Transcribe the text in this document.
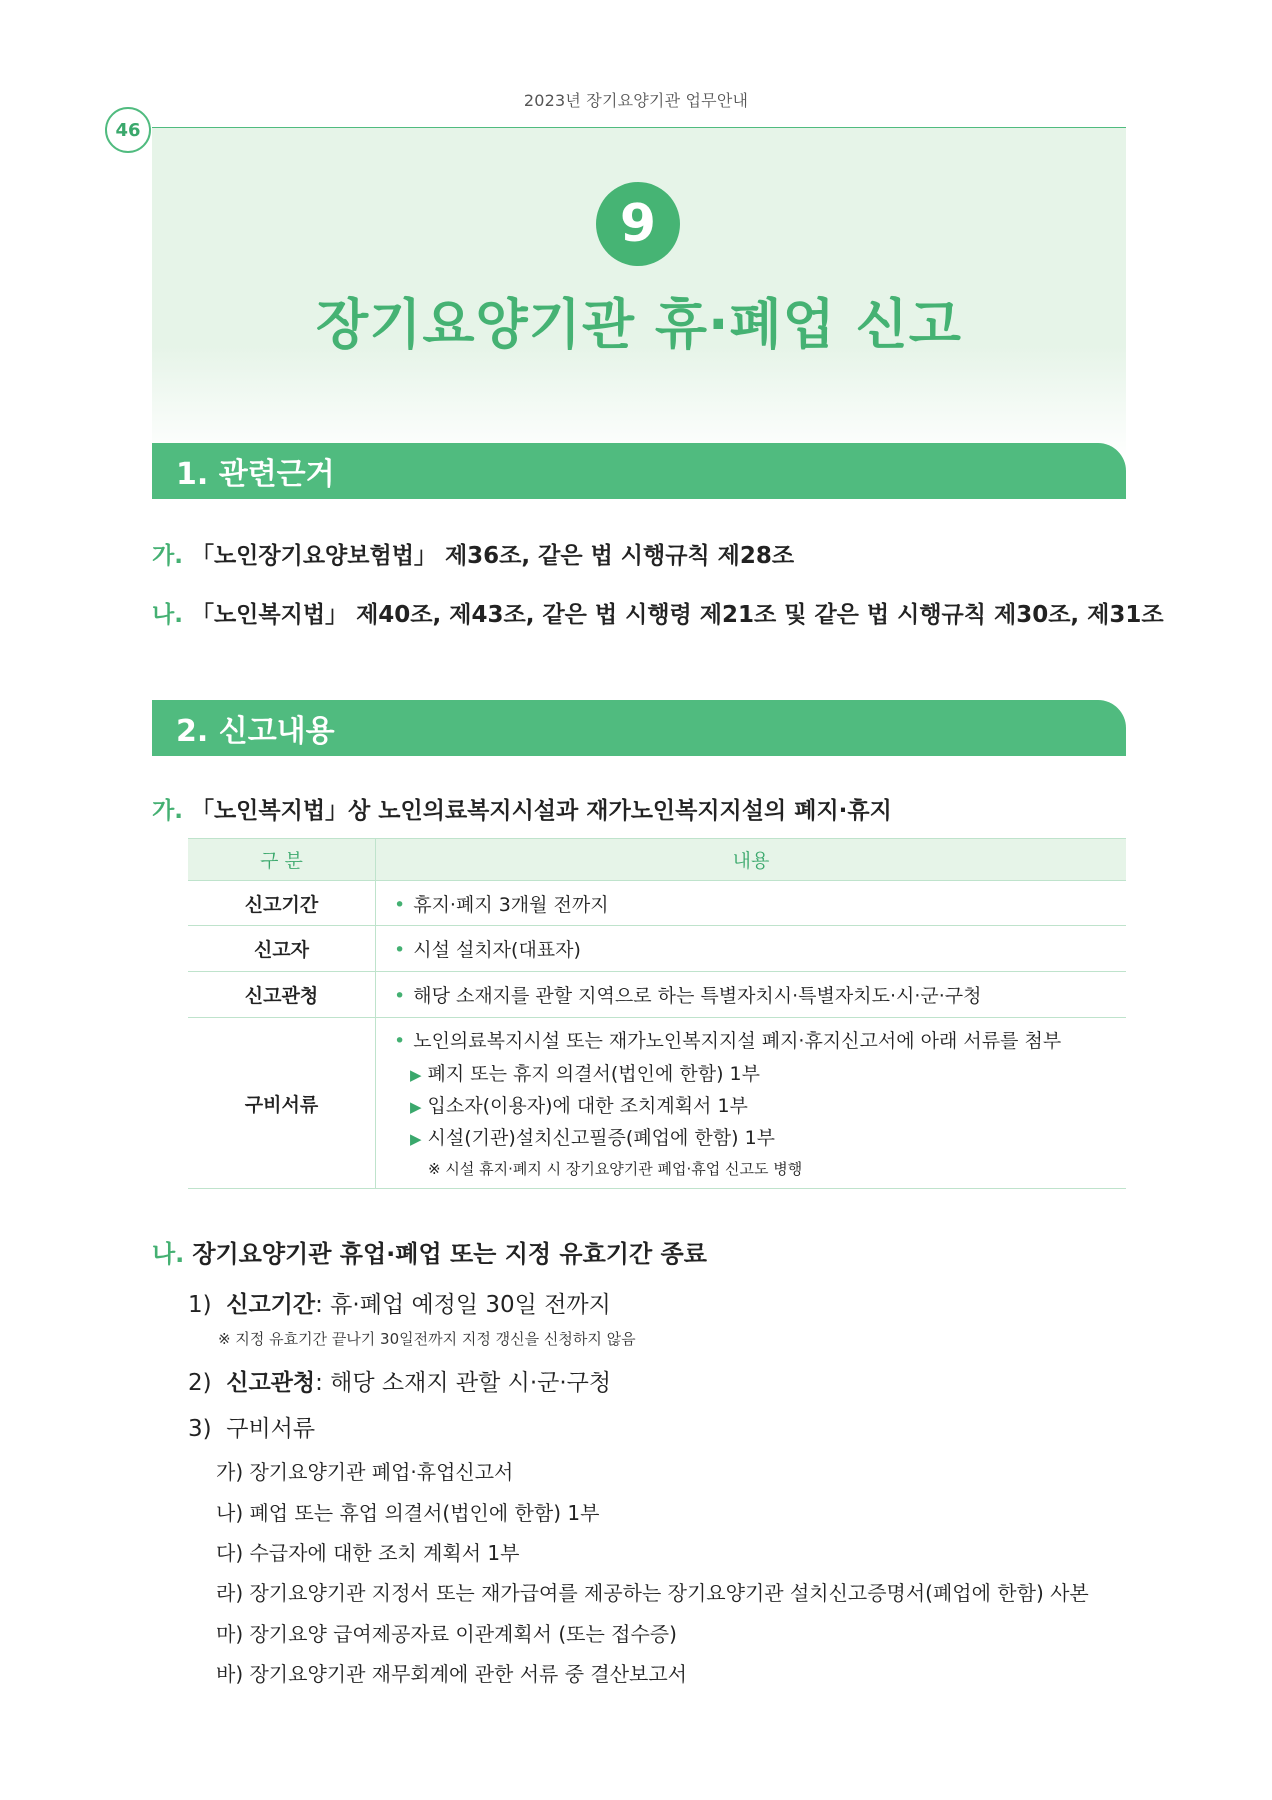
2023년 장기요양기관 업무안내
46
9
장기요양기관 휴·폐업 신고
1. 관련근거
가. 「노인장기요양보험법」 제36조, 같은 법 시행규칙 제28조
나. 「노인복지법」 제40조, 제43조, 같은 법 시행령 제21조 및 같은 법 시행규칙 제30조, 제31조
2. 신고내용
가. 「노인복지법」상 노인의료복지시설과 재가노인복지지설의 폐지·휴지
구 분	내용
신고기간	• 휴지·폐지 3개월 전까지
신고자	• 시설 설치자(대표자)
신고관청	• 해당 소재지를 관할 지역으로 하는 특별자치시·특별자치도·시·군·구청
구비서류	• 노인의료복지시설 또는 재가노인복지지설 폐지·휴지신고서에 아래 서류를 첨부
▶ 폐지 또는 휴지 의결서(법인에 한함) 1부
▶ 입소자(이용자)에 대한 조치계획서 1부
▶ 시설(기관)설치신고필증(폐업에 한함) 1부
※ 시설 휴지·폐지 시 장기요양기관 폐업·휴업 신고도 병행
나. 장기요양기관 휴업·폐업 또는 지정 유효기간 종료
1) 신고기간: 휴·폐업 예정일 30일 전까지
※ 지정 유효기간 끝나기 30일전까지 지정 갱신을 신청하지 않음
2) 신고관청: 해당 소재지 관할 시·군·구청
3) 구비서류
가) 장기요양기관 폐업·휴업신고서
나) 폐업 또는 휴업 의결서(법인에 한함) 1부
다) 수급자에 대한 조치 계획서 1부
라) 장기요양기관 지정서 또는 재가급여를 제공하는 장기요양기관 설치신고증명서(폐업에 한함) 사본
마) 장기요양 급여제공자료 이관계획서 (또는 접수증)
바) 장기요양기관 재무회계에 관한 서류 중 결산보고서
